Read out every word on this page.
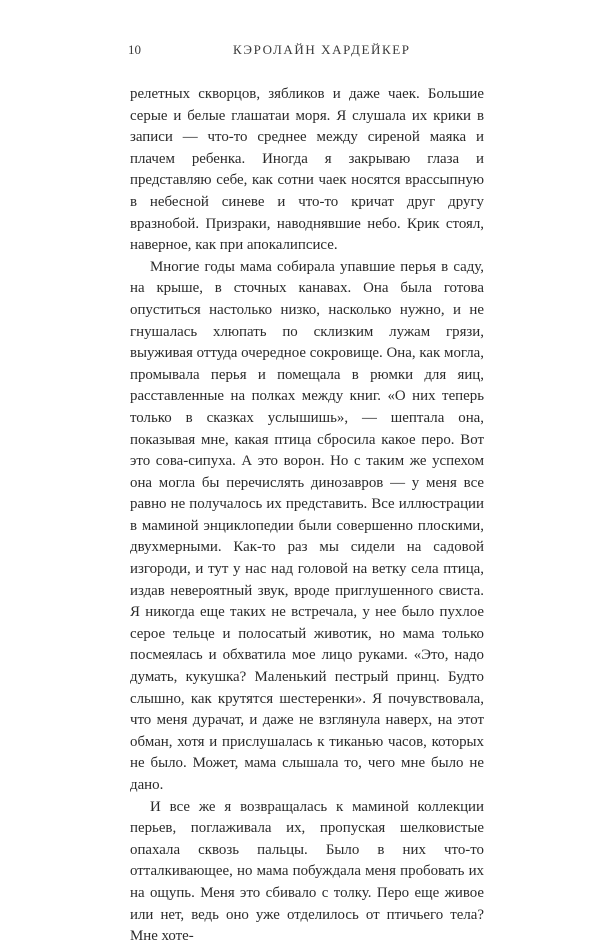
10	КЭРОЛАЙН ХАРДЕЙКЕР

релетных скворцов, зябликов и даже чаек. Большие серые и белые глашатаи моря. Я слушала их крики в записи — что-то среднее между сиреной маяка и плачем ребенка. Иногда я закрываю глаза и представляю себе, как сотни чаек носятся врассыпную в небесной синеве и что-то кричат друг другу вразнобой. Призраки, наводнявшие небо. Крик стоял, наверное, как при апокалипсисе.

Многие годы мама собирала упавшие перья в саду, на крыше, в сточных канавах. Она была готова опуститься настолько низко, насколько нужно, и не гнушалась хлюпать по склизким лужам грязи, выуживая оттуда очередное сокровище. Она, как могла, промывала перья и помещала в рюмки для яиц, расставленные на полках между книг. «О них теперь только в сказках услышишь», — шептала она, показывая мне, какая птица сбросила какое перо. Вот это сова-сипуха. А это ворон. Но с таким же успехом она могла бы перечислять динозавров — у меня все равно не получалось их представить. Все иллюстрации в маминой энциклопедии были совершенно плоскими, двухмерными. Как-то раз мы сидели на садовой изгороди, и тут у нас над головой на ветку села птица, издав невероятный звук, вроде приглушенного свиста. Я никогда еще таких не встречала, у нее было пухлое серое тельце и полосатый животик, но мама только посмеялась и обхватила мое лицо руками. «Это, надо думать, кукушка? Маленький пестрый принц. Будто слышно, как крутятся шестеренки». Я почувствовала, что меня дурачат, и даже не взглянула наверх, на этот обман, хотя и прислушалась к тиканью часов, которых не было. Может, мама слышала то, чего мне было не дано.

И все же я возвращалась к маминой коллекции перьев, поглаживала их, пропуская шелковистые опахала сквозь пальцы. Было в них что-то отталкивающее, но мама побуждала меня пробовать их на ощупь. Меня это сбивало с толку. Перо еще живое или нет, ведь оно уже отделилось от птичьего тела? Мне хоте-
